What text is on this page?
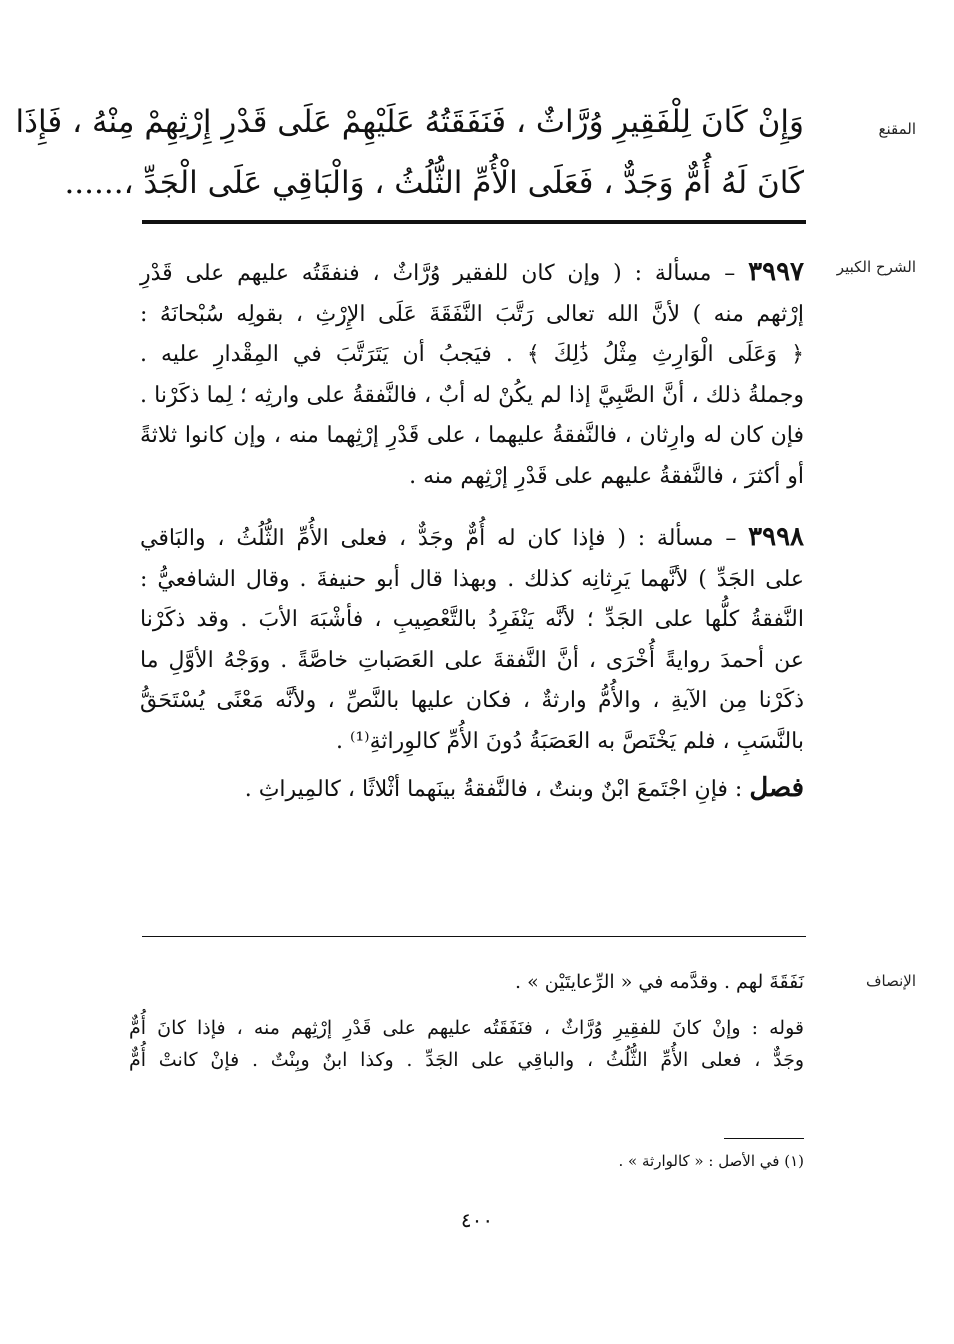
المقنع
وَإِنْ كَانَ لِلْفَقِيرِ وُرَّاثٌ ، فَنَفَقَتُهُ عَلَيْهِمْ عَلَى قَدْرِ إِرْثِهِمْ مِنْهُ ، فَإِذَا
كَانَ لَهُ أُمٌّ وَجَدٌّ ، فَعَلَى الْأُمِّ الثُّلُثُ ، وَالْبَاقِي عَلَى الْجَدِّ ،......
الشرح الكبير
٣٩٩٧ – مسألة : ( وإن كان للفقير وُرَّاثٌ ، فنفقَتُه عليهم على قَدْرِ
إرْثهم منه ) لأنَّ الله تعالى رَتَّبَ النَّفَقَةَ عَلَى الإِرْثِ ، بقولِه سُبْحانَهُ :
﴿ وَعَلَى الْوَارِثِ مِثْلُ ذَٰلِكَ ﴾ . فيَجبُ أن يَتَرَتَّبَ في المِقْدارِ عليه .
وجملةُ ذلك ، أنَّ الصَّبِيَّ إذا لم يكُنْ له أبٌ ، فالنَّفقةُ على وارثِه ؛ لِما ذكَرْنا .
فإن كان له وارِثان ، فالنَّفقةُ عليهما ، على قَدْرِ إرْثِهما منه ، وإن كانوا ثلاثةً
أو أكثرَ ، فالنَّفقةُ عليهم على قَدْرِ إرْثِهم منه .
٣٩٩٨ – مسألة : ( فإذا كان له أُمٌّ وجَدٌّ ، فعلى الأُمِّ الثُّلُثُ ، والبَاقي
على الجَدِّ ) لأنَّهما يَرِثانِه كذلك . وبهذا قال أبو حنيفةَ . وقال الشافعيُّ :
النَّفقةُ كلُّها على الجَدِّ ؛ لأنَّه يَنْفَرِدُ بالتَّعْصِيبِ ، فأشْبَهَ الأبَ . وقد ذكَرْنا
عن أحمدَ روايةً أُخْرَى ، أنَّ النَّفقةَ على العَصَباتِ خاصَّةً . ووَجْهُ الأوَّلِ ما
ذكَرْنا مِن الآيةِ ، والأُمُّ وارثةٌ ، فكان عليها بالنَّصِّ ، ولأنَّه مَعْنًى يُسْتَحَقُّ
بالنَّسَبِ ، فلم يَخْتَصَّ به العَصَبَةُ دُونَ الأُمِّ كالوِراثةِ⁽¹⁾ .
فصل : فإنِ اجْتَمعَ ابْنٌ وبنتٌ ، فالنَّفقةُ بينَهما أثْلاثًا ، كالمِيراثِ .
الإنصاف
نَفَقَةَ لهم . وقدَّمه في « الرِّعايتَيْن » .
قوله : وإنْ كانَ للفقِيرِ وُرَّاثٌ ، فنَفَقَتُه عليهم على قَدْرِ إرْثِهم منه ، فإذا كانَ أُمٌّ
وجَدٌّ ، فعلى الأُمِّ الثُّلُثُ ، والباقِي على الجَدِّ . وكذا ابنٌ وبِنْتٌ . فإنْ كانتْ أُمٌّ
(١) في الأصل : « كالوارثة » .
٤٠٠
